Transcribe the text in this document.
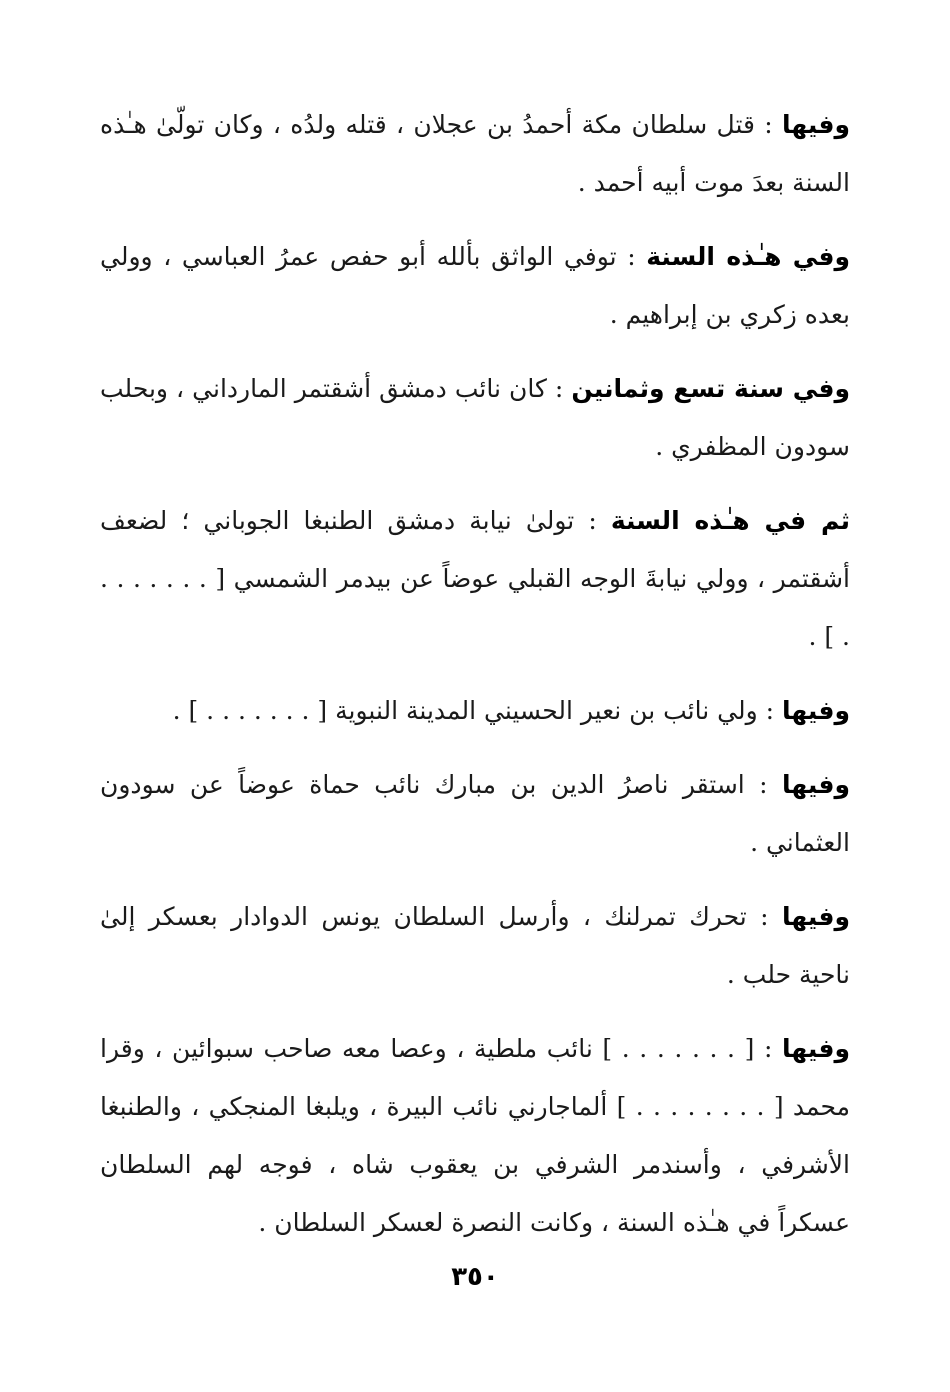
وفيها : قتل سلطان مكة أحمدُ بن عجلان ، قتله ولدُه ، وكان تولّىٰ هـٰذه السنة بعدَ موت أبيه أحمد .

وفي هـٰذه السنة : توفي الواثق بألله أبو حفص عمرُ العباسي ، وولي بعده زكري بن إبراهيم .

وفي سنة تسع وثمانين : كان نائب دمشق أشقتمر المارداني ، وبحلب سودون المظفري .

ثم في هـٰذه السنة : تولىٰ نيابة دمشق الطنبغا الجوباني ؛ لضعف أشقتمر ، وولي نيابةَ الوجه القبلي عوضاً عن بيدمر الشمسي [ . . . . . . . . ] .

وفيها : ولي نائب بن نعير الحسيني المدينة النبوية [ . . . . . . . ] .

وفيها : استقر ناصرُ الدين بن مبارك نائب حماة عوضاً عن سودون العثماني .

وفيها : تحرك تمرلنك ، وأرسل السلطان يونس الدوادار بعسكر إلىٰ ناحية حلب .

وفيها : [ . . . . . . . ] نائب ملطية ، وعصا معه صاحب سبوائين ، وقرا محمد [ . . . . . . . . ] ألماجارني نائب البيرة ، ويلبغا المنجكي ، والطنبغا الأشرفي ، وأسندمر الشرفي بن يعقوب شاه ، فوجه لهم السلطان عسكراً في هـٰذه السنة ، وكانت النصرة لعسكر السلطان .

٣٥٠
